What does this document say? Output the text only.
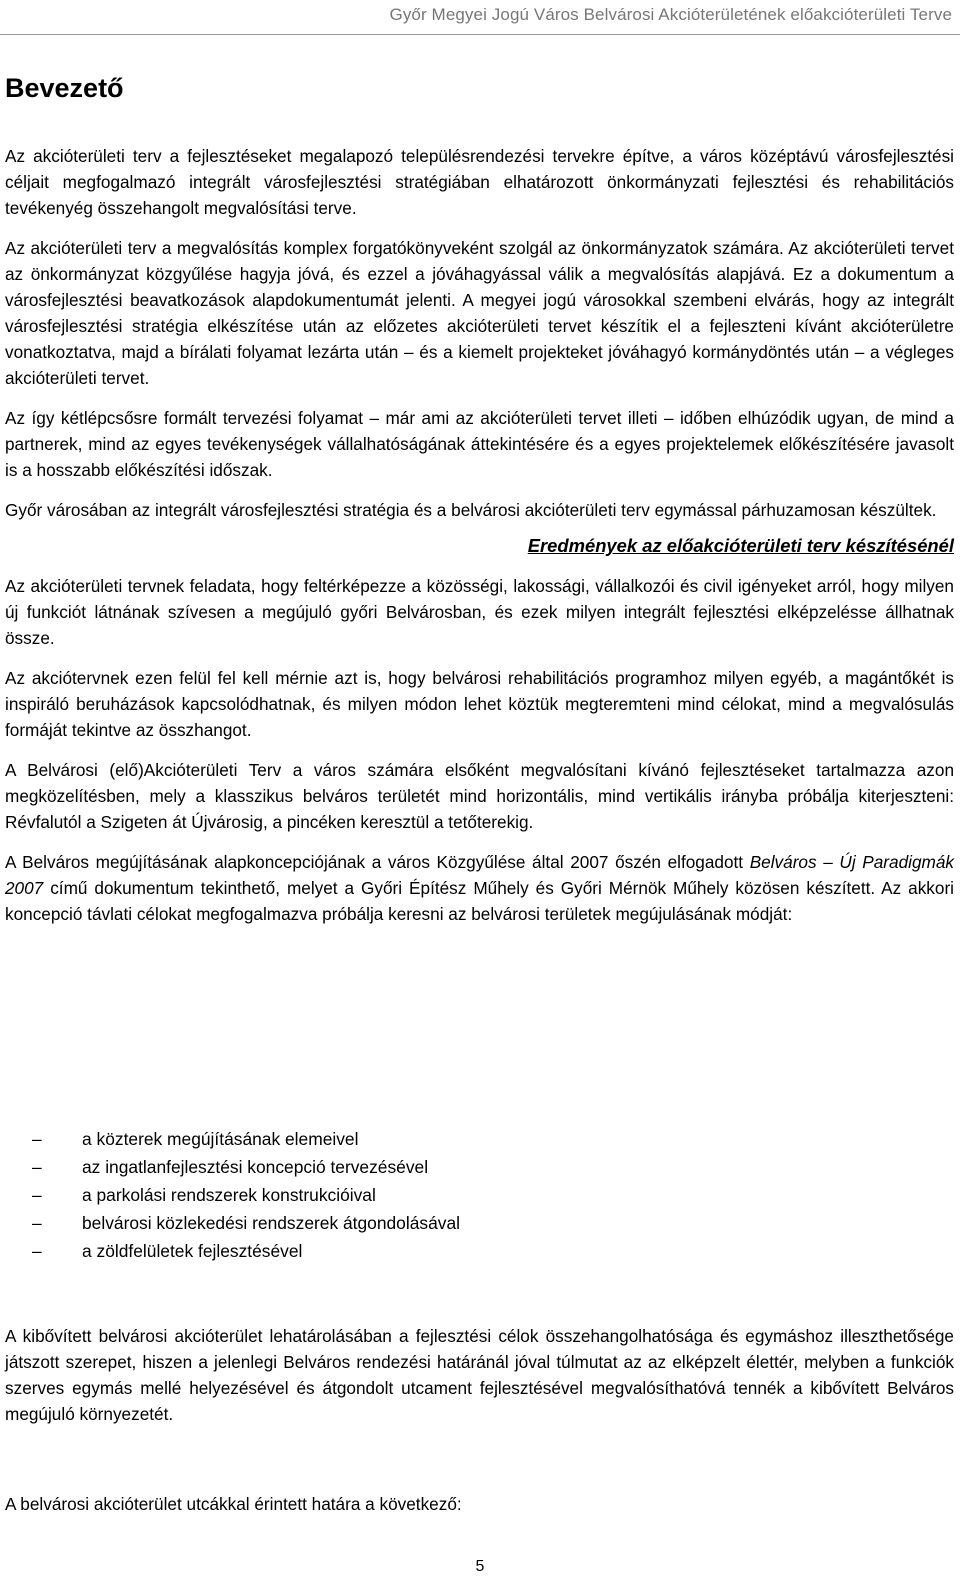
Győr Megyei Jogú Város Belvárosi Akcióterületének előakcióterületi Terve
Bevezető

Az akcióterületi terv a fejlesztéseket megalapozó településrendezési tervekre építve, a város középtávú városfejlesztési céljait megfogalmazó integrált városfejlesztési stratégiában elhatározott önkormányzati fejlesztési és rehabilitációs tevékenyég összehangolt megvalósítási terve.

Az akcióterületi terv a megvalósítás komplex forgatókönyveként szolgál az önkormányzatok számára. Az akcióterületi tervet az önkormányzat közgyűlése hagyja jóvá, és ezzel a jóváhagyással válik a megvalósítás alapjává. Ez a dokumentum a városfejlesztési beavatkozások alapdokumentumát jelenti. A megyei jogú városokkal szembeni elvárás, hogy az integrált városfejlesztési stratégia elkészítése után az előzetes akcióterületi tervet készítik el a fejleszteni kívánt akcióterületre vonatkoztatva, majd a bírálati folyamat lezárta után – és a kiemelt projekteket jóváhagyó kormánydöntés után – a végleges akcióterületi tervet.

Az így kétlépcsősre formált tervezési folyamat – már ami az akcióterületi tervet illeti – időben elhúzódik ugyan, de mind a partnerek, mind az egyes tevékenységek vállalhatóságának áttekintésére és a egyes projektelemek előkészítésére javasolt is a hosszabb előkészítési időszak.

Győr városában az integrált városfejlesztési stratégia és a belvárosi akcióterületi terv egymással párhuzamosan készültek.

Eredmények az előakcióterületi terv készítésénél

Az akcióterületi tervnek feladata, hogy feltérképezze a közösségi, lakossági, vállalkozói és civil igényeket arról, hogy milyen új funkciót látnának szívesen a megújuló győri Belvárosban, és ezek milyen integrált fejlesztési elképzelésse állhatnak össze.

Az akciótervnek ezen felül fel kell mérnie azt is, hogy belvárosi rehabilitációs programhoz milyen egyéb, a magántőkét is inspiráló beruházások kapcsolódhatnak, és milyen módon lehet köztük megteremteni mind célokat, mind a megvalósulás formáját tekintve az összhangot.

A Belvárosi (elő)Akcióterületi Terv a város számára elsőként megvalósítani kívánó fejlesztéseket tartalmazza azon megközelítésben, mely a klasszikus belváros területét mind horizontális, mind vertikális irányba próbálja kiterjeszteni: Révfalutól a Szigeten át Újvárosig, a pincéken keresztül a tetőterekig.

A Belváros megújításának alapkoncepciójának a város Közgyűlése által 2007 őszén elfogadott Belváros – Új Paradigmák 2007 című dokumentum tekinthető, melyet a Győri Építész Műhely és Győri Mérnök Műhely közösen készített. Az akkori koncepció távlati célokat megfogalmazva próbálja keresni az belvárosi területek megújulásának módját:

– a közterek megújításának elemeivel
– az ingatlanfejlesztési koncepció tervezésével
– a parkolási rendszerek konstrukcióival
– belvárosi közlekedési rendszerek átgondolásával
– a zöldfelületek fejlesztésével

A kibővített belvárosi akcióterület lehatárolásában a fejlesztési célok összehangolhatósága és egymáshoz illeszthetősége játszott szerepet, hiszen a jelenlegi Belváros rendezési határánál jóval túlmutat az az elképzelt élettér, melyben a funkciók szerves egymás mellé helyezésével és átgondolt utcament fejlesztésével megvalósíthatóvá tennék a kibővített Belváros megújuló környezetét.

A belvárosi akcióterület utcákkal érintett határa a következő:

5
